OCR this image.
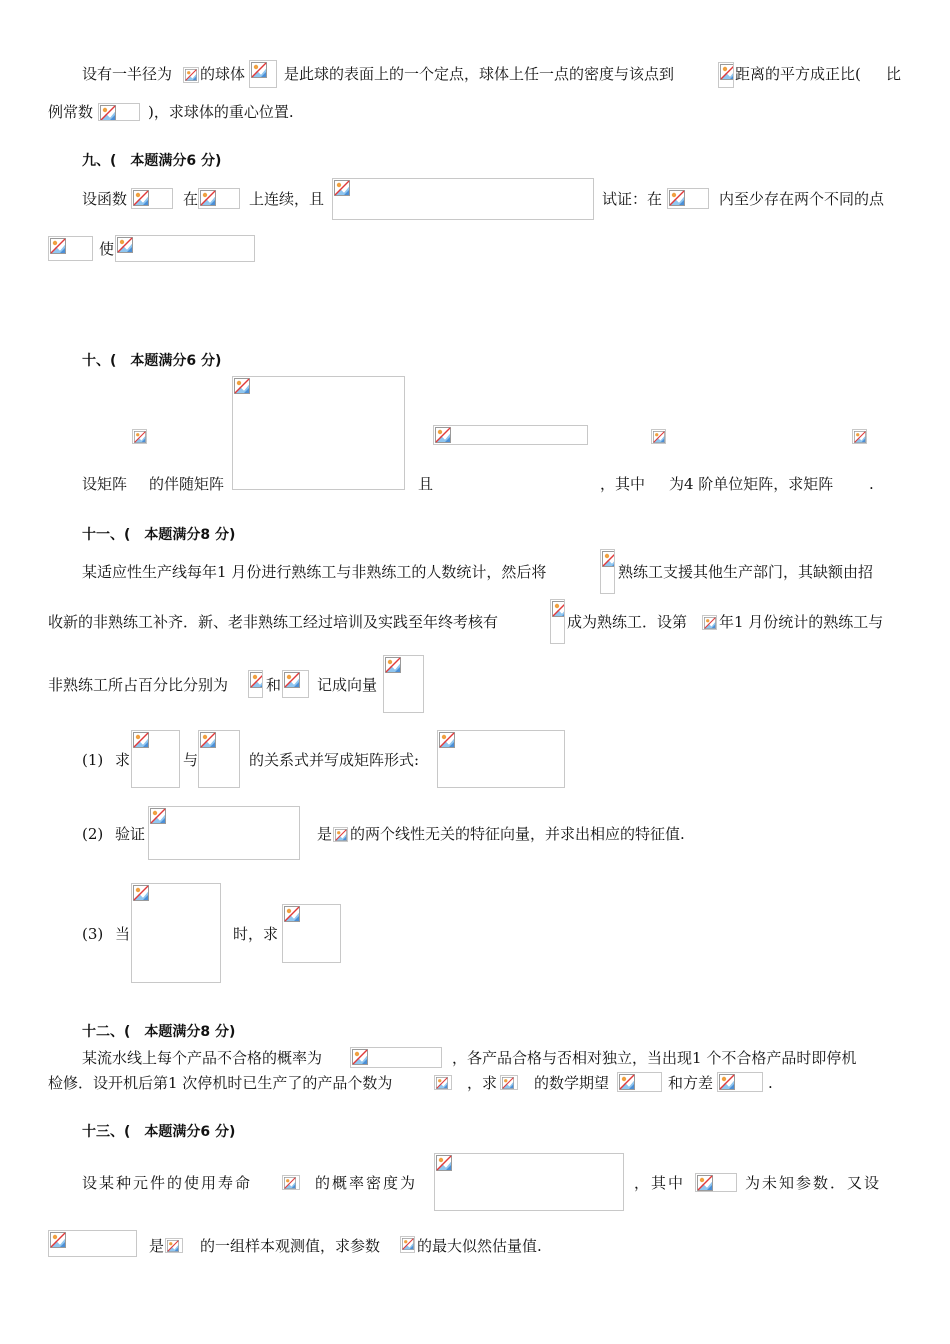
设有一半径为 的球体	是此球的表面上的一个定点，球体上任一点的密度与该点到	距离的平方成正比( 比
例常数	)，求球体的重心位置.
九、(　本题满分6 分)
设函数	在	上连续，且	试证：在	内至少存在两个不同的点
使
十、(　本题满分6 分)
设矩阵 的伴随矩阵	且	，其中 为4 阶单位矩阵，求矩阵 .
十一、(　本题满分8 分)
某适应性生产线每年1 月份进行熟练工与非熟练工的人数统计，然后将	熟练工支援其他生产部门，其缺额由招
收新的非熟练工补齐．新、老非熟练工经过培训及实践至年终考核有	成为熟练工．设第 年1 月份统计的熟练工与
非熟练工所占百分比分别为	和 记成向量
(1) 求	与	的关系式并写成矩阵形式:
(2) 验证	是 的两个线性无关的特征向量，并求出相应的特征值.
(3) 当	时，求
十二、(　本题满分8 分)
某流水线上每个产品不合格的概率为	，各产品合格与否相对独立，当出现1 个不合格产品时即停机
检修．设开机后第1 次停机时已生产了的产品个数为	，求 的数学期望	和方差	.
十三、(　本题满分6 分)
设某种元件的使用寿命	的概率密度为	，其中	为未知参数．又设
是 的一组样本观测值，求参数 的最大似然估量值.
